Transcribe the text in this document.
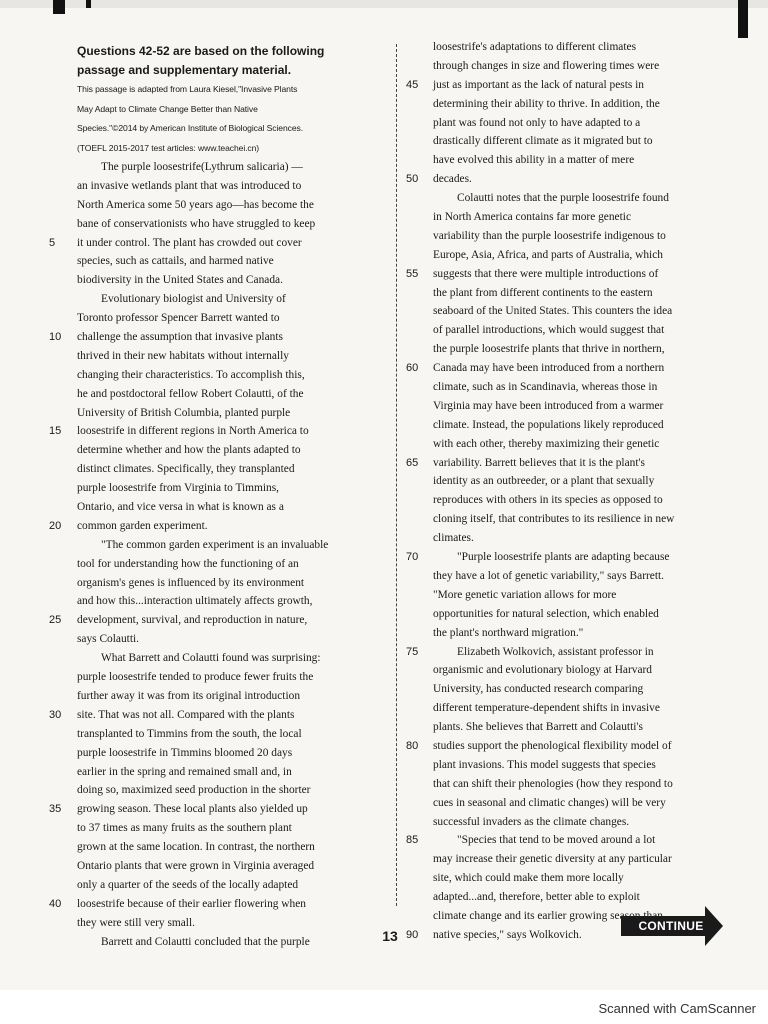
Questions 42-52 are based on the following

passage and supplementary material.

This passage is adapted from Laura Kiesel,"Invasive Plants

May Adapt to Climate Change Better than Native

Species."©2014 by American Institute of Biological Sciences.

(TOEFL 2015-2017 test articles: www.teachei.cn)

The purple loosestrife(Lythrum salicaria) —
an invasive wetlands plant that was introduced to
North America some 50 years ago—has become the
bane of conservationists who have struggled to keep
5	it under control. The plant has crowded out cover
species, such as cattails, and harmed native
biodiversity in the United States and Canada.
Evolutionary biologist and University of
Toronto professor Spencer Barrett wanted to
10	challenge the assumption that invasive plants
thrived in their new habitats without internally
changing their characteristics. To accomplish this,
he and postdoctoral fellow Robert Colautti, of the
University of British Columbia, planted purple
15	loosestrife in different regions in North America to
determine whether and how the plants adapted to
distinct climates. Specifically, they transplanted
purple loosestrife from Virginia to Timmins,
Ontario, and vice versa in what is known as a
20	common garden experiment.
"The common garden experiment is an invaluable
tool for understanding how the functioning of an
organism's genes is influenced by its environment
and how this...interaction ultimately affects growth,
25	development, survival, and reproduction in nature,
says Colautti.
What Barrett and Colautti found was surprising:
purple loosestrife tended to produce fewer fruits the
further away it was from its original introduction
30	site. That was not all. Compared with the plants
transplanted to Timmins from the south, the local
purple loosestrife in Timmins bloomed 20 days
earlier in the spring and remained small and, in
doing so, maximized seed production in the shorter
35	growing season. These local plants also yielded up
to 37 times as many fruits as the southern plant
grown at the same location. In contrast, the northern
Ontario plants that were grown in Virginia averaged
only a quarter of the seeds of the locally adapted
40	loosestrife because of their earlier flowering when
they were still very small.
Barrett and Colautti concluded that the purple
loosestrife's adaptations to different climates
through changes in size and flowering times were
45	just as important as the lack of natural pests in
determining their ability to thrive. In addition, the
plant was found not only to have adapted to a
drastically different climate as it migrated but to
have evolved this ability in a matter of mere
50	decades.
Colautti notes that the purple loosestrife found
in North America contains far more genetic
variability than the purple loosestrife indigenous to
Europe, Asia, Africa, and parts of Australia, which
55	suggests that there were multiple introductions of
the plant from different continents to the eastern
seaboard of the United States. This counters the idea
of parallel introductions, which would suggest that
the purple loosestrife plants that thrive in northern,
60	Canada may have been introduced from a northern
climate, such as in Scandinavia, whereas those in
Virginia may have been introduced from a warmer
climate. Instead, the populations likely reproduced
with each other, thereby maximizing their genetic
65	variability. Barrett believes that it is the plant's
identity as an outbreeder, or a plant that sexually
reproduces with others in its species as opposed to
cloning itself, that contributes to its resilience in new
climates.
70	"Purple loosestrife plants are adapting because
they have a lot of genetic variability," says Barrett.
"More genetic variation allows for more
opportunities for natural selection, which enabled
the plant's northward migration."
75	Elizabeth Wolkovich, assistant professor in
organismic and evolutionary biology at Harvard
University, has conducted research comparing
different temperature-dependent shifts in invasive
plants. She believes that Barrett and Colautti's
80	studies support the phenological flexibility model of
plant invasions. This model suggests that species
that can shift their phenologies (how they respond to
cues in seasonal and climatic changes) will be very
successful invaders as the climate changes.
85	"Species that tend to be moved around a lot
may increase their genetic diversity at any particular
site, which could make them more locally
adapted...and, therefore, better able to exploit
climate change and its earlier growing season than
90	native species," says Wolkovich.
13
CONTINUE
Scanned with CamScanner
